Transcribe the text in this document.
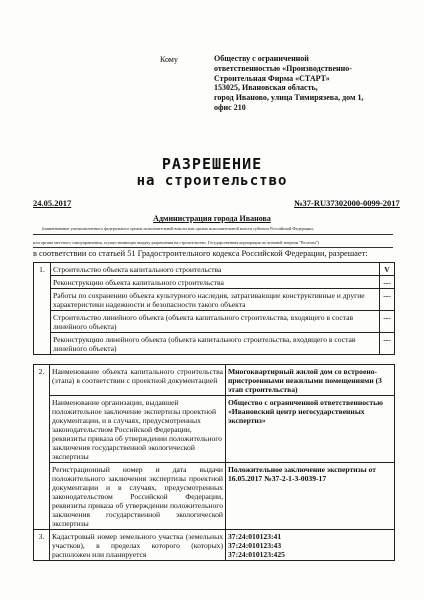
Кому	Обществу с ограниченной
ответственностью «Производственно-
Строительная Фирма «СТАРТ»
153025, Ивановская область,
город Иваново, улица Тимирязева, дом 1,
офис 210
РАЗРЕШЕНИЕ
на строительство
24.05.2017	№37-RU37302000-0099-2017
Администрация города Иванова
(наименование уполномоченного федерального органа исполнительной власти или органа исполнительной власти субъекта Российской Федерации,
или органа местного самоуправления, осуществляющих выдачу разрешения на строительство. Государственная корпорация по атомной энергии "Росатом")
в соответствии со статьей 51 Градостроительного кодекса Российской Федерации, разрешает:
1.	Строительство объекта капитального строительства	V
	Реконструкцию объекта капитального строительства	---
	Работы по сохранению объекта культурного наследия, затрагивающие конструктивные и другие характеристики надежности и безопасности такого объекта	---
	Строительство линейного объекта (объекта капитального строительства, входящего в состав линейного объекта)	---
	Реконструкцию линейного объекта (объекта капитального строительства, входящего в состав линейного объекта)	---
2.	Наименование объекта капитального строительства (этапа) в соответствии с проектной документацией	Многоквартирный жилой дом со встроено-пристроенными нежилыми помещениями (3 этап строительства)
	Наименование организации, выдавшей положительное заключение экспертизы проектной документации, и в случаях, предусмотренных законодательством Российской Федерации, реквизиты приказа об утверждении положительного заключения государственной экологической экспертизы	Общество с ограниченной ответственностью «Ивановский центр негосударственных экспертиз»
	Регистрационный номер и дата выдачи положительного заключения экспертизы проектной документации и в случаях, предусмотренных законодательством Российской Федерации, реквизиты приказа об утверждении положительного заключения государственной экологической экспертизы	Положительное заключение экспертизы от 16.05.2017 №37-2-1-3-0039-17
3.	Кадастровый номер земельного участка (земельных участков), в пределах которого (которых) расположен или планируется	37:24:010123:41
37:24:010123:43
37:24:010123:425
